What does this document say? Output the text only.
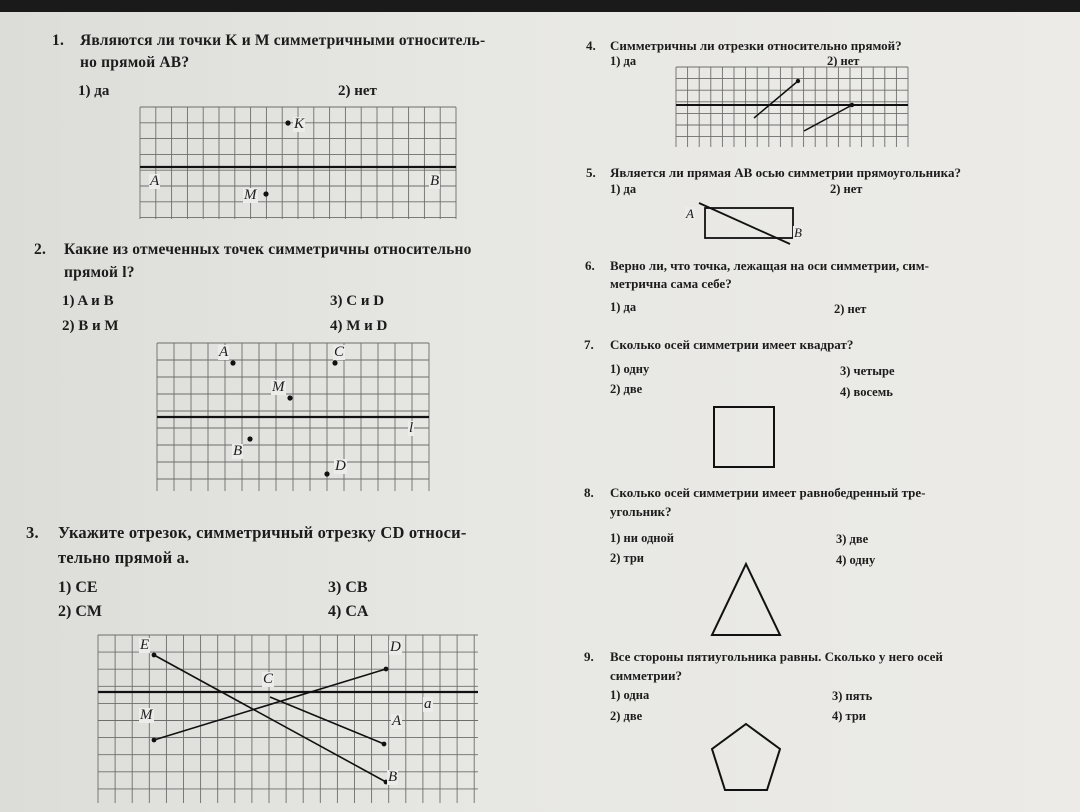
1. Являются ли точки K и M симметричными относитель-
но прямой AB?
1) да	2) нет
K
M
A	B
2. Какие из отмеченных точек симметричны относительно
прямой l?
1) A и B
2) B и M
3) C и D
4) M и D
A	C
M
l
B
D
3. Укажите отрезок, симметричный отрезку CD относи-
тельно прямой a.
1) CE
2) CM
3) CB
4) CA
E	D
C
a
M	A
B
4. Симметричны ли отрезки относительно прямой?
1) да	2) нет
5. Является ли прямая AB осью симметрии прямоугольника?
1) да	2) нет
A
B
6. Верно ли, что точка, лежащая на оси симметрии, сим-
метрична сама себе?
1) да	2) нет
7. Сколько осей симметрии имеет квадрат?
1) одну
2) две
3) четыре
4) восемь
8. Сколько осей симметрии имеет равнобедренный тре-
угольник?
1) ни одной
2) три
3) две
4) одну
9. Все стороны пятиугольника равны. Сколько у него осей
симметрии?
1) одна
2) две
3) пять
4) три
